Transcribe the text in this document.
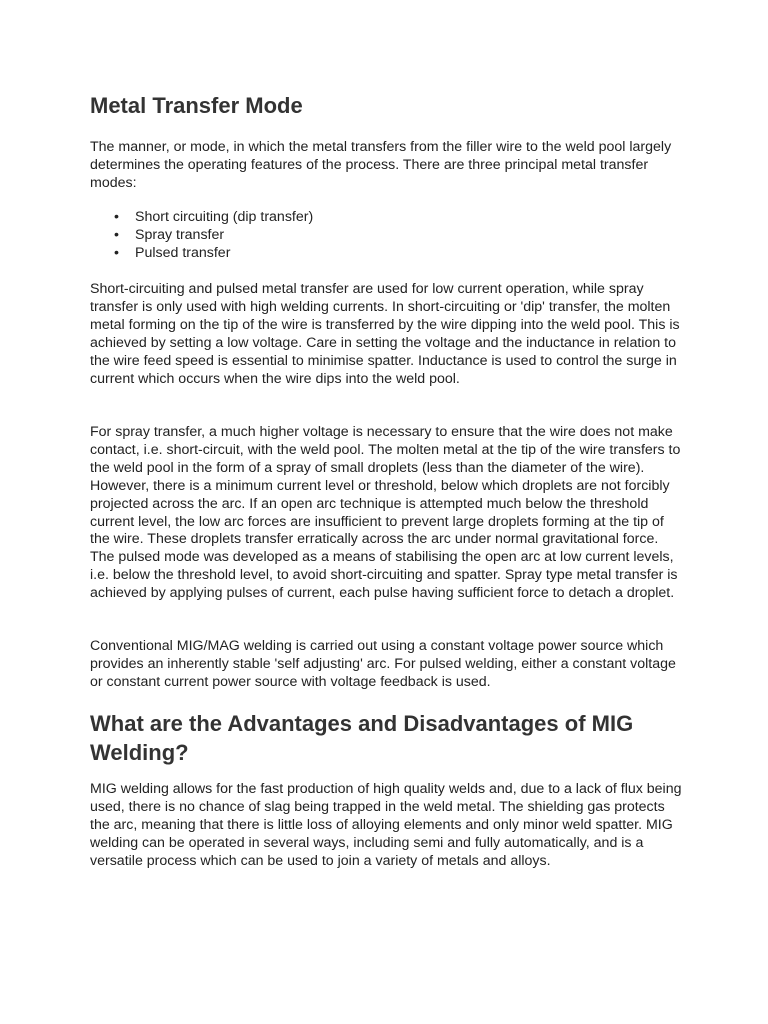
Metal Transfer Mode

The manner, or mode, in which the metal transfers from the filler wire to the weld pool largely determines the operating features of the process. There are three principal metal transfer modes:

• Short circuiting (dip transfer)
• Spray transfer
• Pulsed transfer

Short-circuiting and pulsed metal transfer are used for low current operation, while spray transfer is only used with high welding currents. In short-circuiting or 'dip' transfer, the molten metal forming on the tip of the wire is transferred by the wire dipping into the weld pool. This is achieved by setting a low voltage. Care in setting the voltage and the inductance in relation to the wire feed speed is essential to minimise spatter. Inductance is used to control the surge in current which occurs when the wire dips into the weld pool.

For spray transfer, a much higher voltage is necessary to ensure that the wire does not make contact, i.e. short-circuit, with the weld pool. The molten metal at the tip of the wire transfers to the weld pool in the form of a spray of small droplets (less than the diameter of the wire). However, there is a minimum current level or threshold, below which droplets are not forcibly projected across the arc. If an open arc technique is attempted much below the threshold current level, the low arc forces are insufficient to prevent large droplets forming at the tip of the wire. These droplets transfer erratically across the arc under normal gravitational force. The pulsed mode was developed as a means of stabilising the open arc at low current levels, i.e. below the threshold level, to avoid short-circuiting and spatter. Spray type metal transfer is achieved by applying pulses of current, each pulse having sufficient force to detach a droplet.

Conventional MIG/MAG welding is carried out using a constant voltage power source which provides an inherently stable 'self adjusting' arc. For pulsed welding, either a constant voltage or constant current power source with voltage feedback is used.

What are the Advantages and Disadvantages of MIG Welding?

MIG welding allows for the fast production of high quality welds and, due to a lack of flux being used, there is no chance of slag being trapped in the weld metal. The shielding gas protects the arc, meaning that there is little loss of alloying elements and only minor weld spatter. MIG welding can be operated in several ways, including semi and fully automatically, and is a versatile process which can be used to join a variety of metals and alloys.
